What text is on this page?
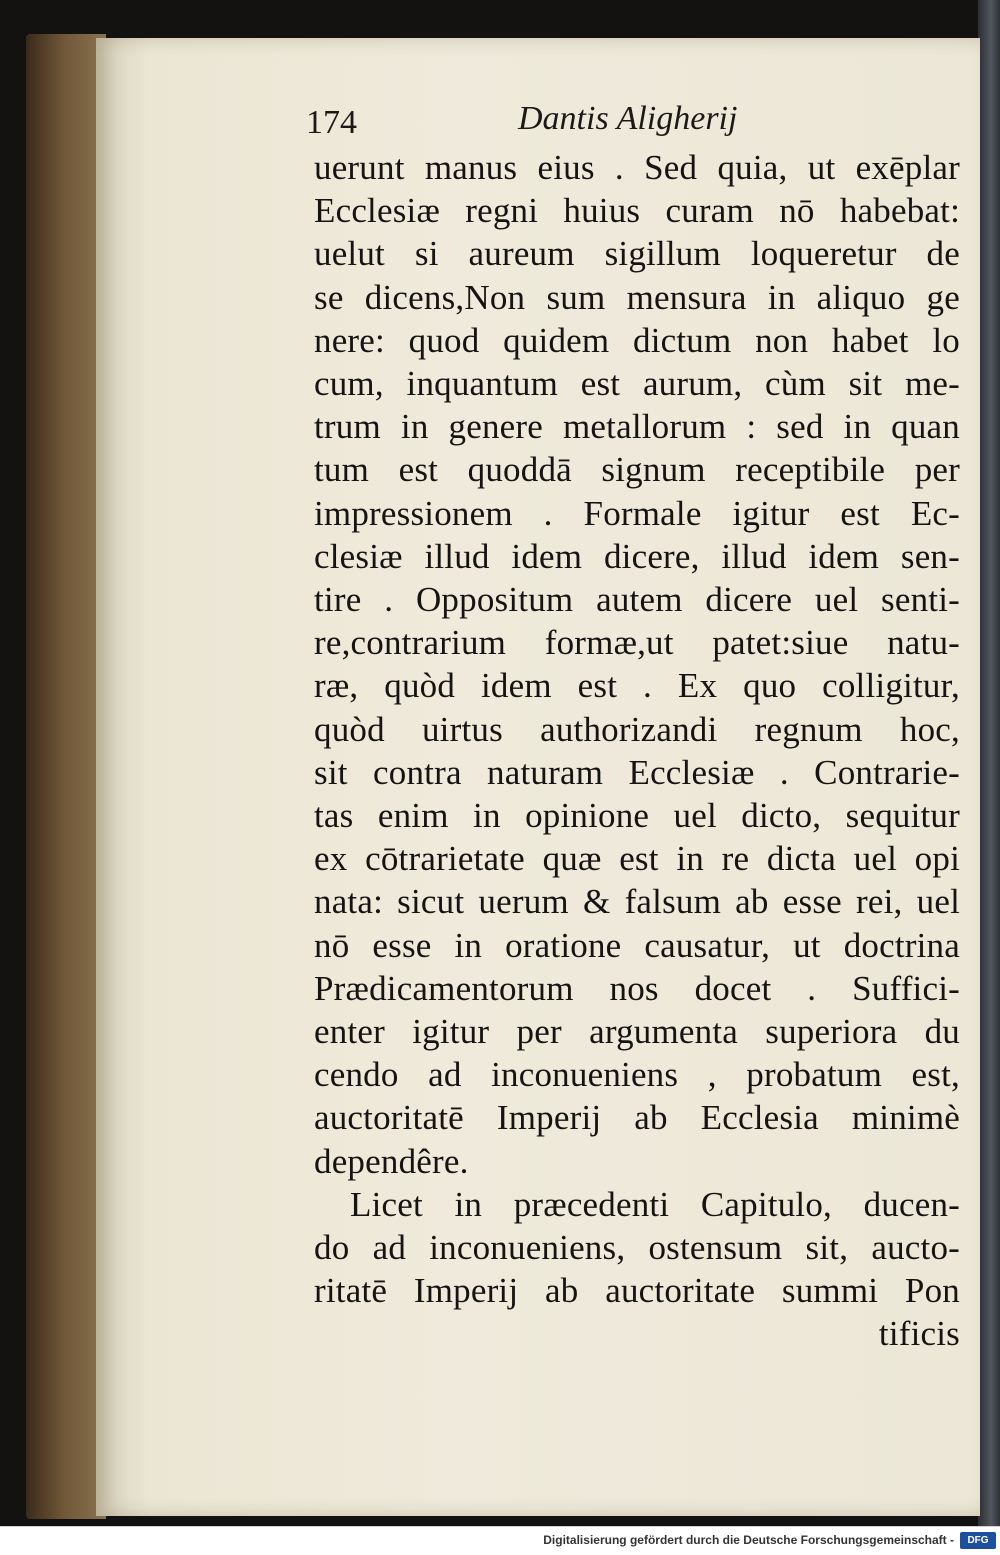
174	Dantis Aligherij
uerunt manus eius . Sed quia, ut exēplar
Ecclesiæ regni huius curam nō habebat:
uelut si aureum sigillum loqueretur de
se dicens,Non sum mensura in aliquo ge
nere: quod quidem dictum non habet lo
cum, inquantum est aurum, cùm sit me-
trum in genere metallorum : sed in quan
tum est quoddā signum receptibile per
impressionem . Formale igitur est Ec-
clesiæ illud idem dicere, illud idem sen-
tire . Oppositum autem dicere uel senti-
re,contrarium formæ,ut patet:siue natu-
ræ, quòd idem est . Ex quo colligitur,
quòd uirtus authorizandi regnum hoc,
sit contra naturam Ecclesiæ . Contrarie-
tas enim in opinione uel dicto, sequitur
ex cōtrarietate quæ est in re dicta uel opi
nata: sicut uerum & falsum ab esse rei, uel
nō esse in oratione causatur, ut doctrina
Prædicamentorum nos docet . Suffici-
enter igitur per argumenta superiora du
cendo ad inconueniens , probatum est,
auctoritatē Imperij ab Ecclesia minimè
dependêre.
Licet in præcedenti Capitulo, ducen-
do ad inconueniens, ostensum sit, aucto-
ritatē Imperij ab auctoritate summi Pon
tificis
Digitalisierung gefördert durch die Deutsche Forschungsgemeinschaft -	DFG
